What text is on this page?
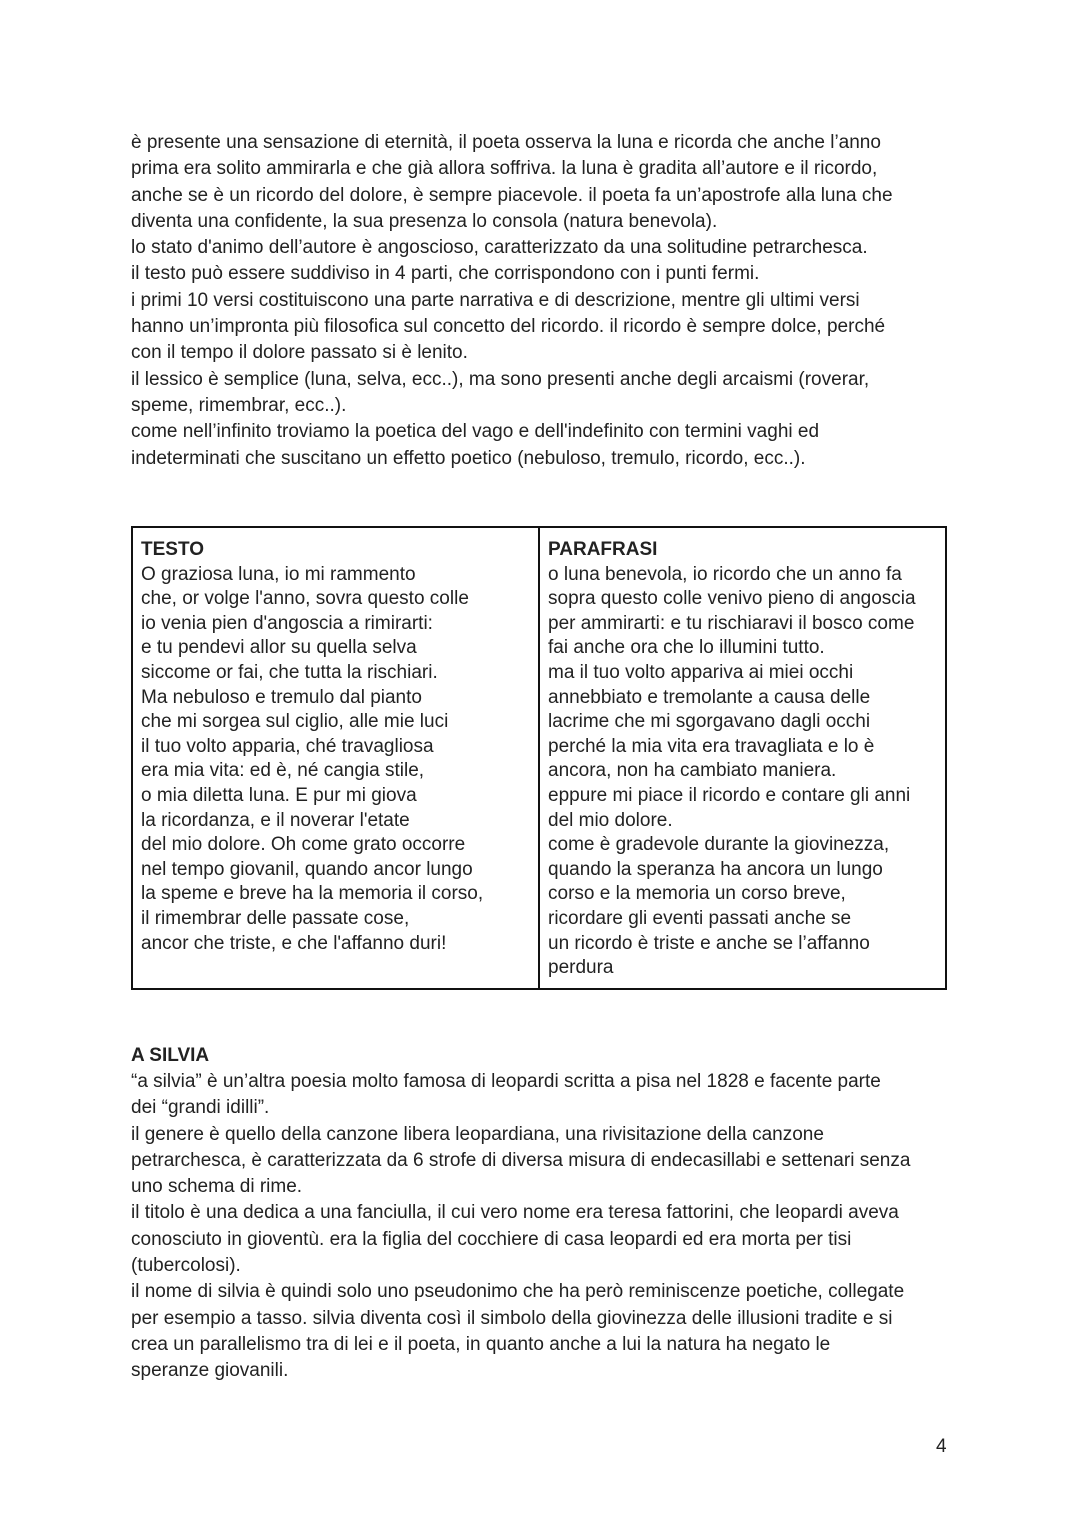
è presente una sensazione di eternità, il poeta osserva la luna e ricorda che anche l’anno
prima era solito ammirarla e che già allora soffriva. la luna è gradita all’autore e il ricordo,
anche se è un ricordo del dolore, è sempre piacevole. il poeta fa un’apostrofe alla luna che
diventa una confidente, la sua presenza lo consola (natura benevola).
lo stato d'animo dell’autore è angoscioso, caratterizzato da una solitudine petrarchesca.
il testo può essere suddiviso in 4 parti, che corrispondono con i punti fermi.
i primi 10 versi costituiscono una parte narrativa e di descrizione, mentre gli ultimi versi
hanno un’impronta più filosofica sul concetto del ricordo. il ricordo è sempre dolce, perché
con il tempo il dolore passato si è lenito.
il lessico è semplice (luna, selva, ecc..), ma sono presenti anche degli arcaismi (roverar,
speme, rimembrar, ecc..).
come nell’infinito troviamo la poetica del vago e dell'indefinito con termini vaghi ed
indeterminati che suscitano un effetto poetico (nebuloso, tremulo, ricordo, ecc..).
TESTO
O graziosa luna, io mi rammento
che, or volge l'anno, sovra questo colle
io venia pien d'angoscia a rimirarti:
e tu pendevi allor su quella selva
siccome or fai, che tutta la rischiari.
Ma nebuloso e tremulo dal pianto
che mi sorgea sul ciglio, alle mie luci
il tuo volto apparia, ché travagliosa
era mia vita: ed è, né cangia stile,
o mia diletta luna. E pur mi giova
la ricordanza, e il noverar l'etate
del mio dolore. Oh come grato occorre
nel tempo giovanil, quando ancor lungo
la speme e breve ha la memoria il corso,
il rimembrar delle passate cose,
ancor che triste, e che l'affanno duri!

PARAFRASI
o luna benevola, io ricordo che un anno fa
sopra questo colle venivo pieno di angoscia
per ammirarti: e tu rischiaravi il bosco come
fai anche ora che lo illumini tutto.
ma il tuo volto appariva ai miei occhi
annebbiato e tremolante a causa delle
lacrime che mi sgorgavano dagli occhi
perché la mia vita era travagliata e lo è
ancora, non ha cambiato maniera.
eppure mi piace il ricordo e contare gli anni
del mio dolore.
come è gradevole durante la giovinezza,
quando la speranza ha ancora un lungo
corso e la memoria un corso breve,
ricordare gli eventi passati anche se
un ricordo è triste e anche se l’affanno
perdura
A SILVIA
“a silvia” è un’altra poesia molto famosa di leopardi scritta a pisa nel 1828 e facente parte
dei “grandi idilli”.
il genere è quello della canzone libera leopardiana, una rivisitazione della canzone
petrarchesca, è caratterizzata da 6 strofe di diversa misura di endecasillabi e settenari senza
uno schema di rime.
il titolo è una dedica a una fanciulla, il cui vero nome era teresa fattorini, che leopardi aveva
conosciuto in gioventù. era la figlia del cocchiere di casa leopardi ed era morta per tisi
(tubercolosi).
il nome di silvia è quindi solo uno pseudonimo che ha però reminiscenze poetiche, collegate
per esempio a tasso. silvia diventa così il simbolo della giovinezza delle illusioni tradite e si
crea un parallelismo tra di lei e il poeta, in quanto anche a lui la natura ha negato le
speranze giovanili.
4
